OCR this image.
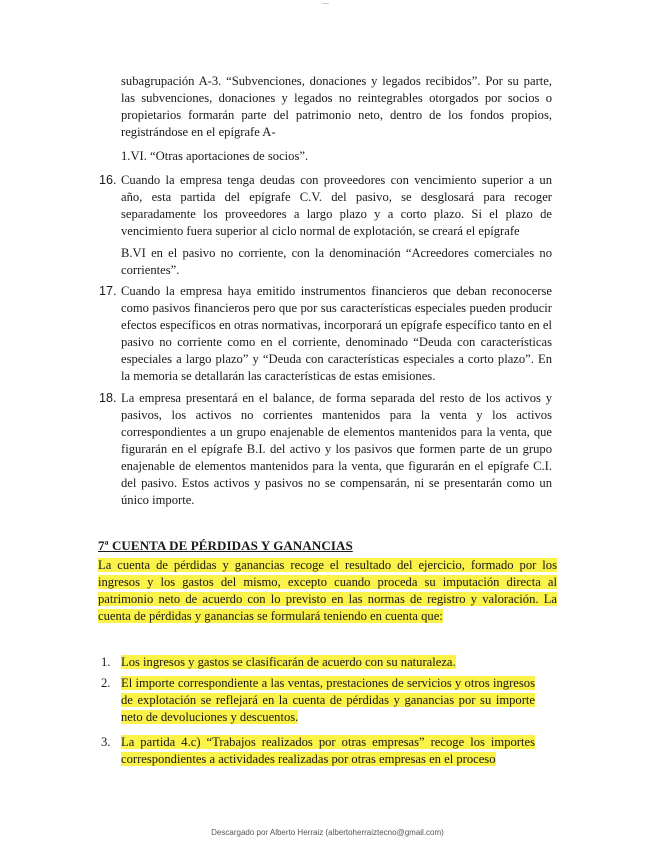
—
subagrupación A-3. “Subvenciones, donaciones y legados recibidos”. Por su parte, las subvenciones, donaciones y legados no reintegrables otorgados por socios o propietarios formarán parte del patrimonio neto, dentro de los fondos propios, registrándose en el epígrafe A-
1.VI. “Otras aportaciones de socios”.
16. Cuando la empresa tenga deudas con proveedores con vencimiento superior a un año, esta partida del epígrafe C.V. del pasivo, se desglosará para recoger separadamente los proveedores a largo plazo y a corto plazo. Si el plazo de vencimiento fuera superior al ciclo normal de explotación, se creará el epígrafe
B.VI en el pasivo no corriente, con la denominación “Acreedores comerciales no corrientes”.
17. Cuando la empresa haya emitido instrumentos financieros que deban reconocerse como pasivos financieros pero que por sus características especiales pueden producir efectos específicos en otras normativas, incorporará un epígrafe específico tanto en el pasivo no corriente como en el corriente, denominado “Deuda con características especiales a largo plazo” y “Deuda con características especiales a corto plazo”. En la memoria se detallarán las características de estas emisiones.
18. La empresa presentará en el balance, de forma separada del resto de los activos y pasivos, los activos no corrientes mantenidos para la venta y los activos correspondientes a un grupo enajenable de elementos mantenidos para la venta, que figurarán en el epígrafe B.I. del activo y los pasivos que formen parte de un grupo enajenable de elementos mantenidos para la venta, que figurarán en el epígrafe C.I. del pasivo. Estos activos y pasivos no se compensarán, ni se presentarán como un único importe.
7ª CUENTA DE PÉRDIDAS Y GANANCIAS
La cuenta de pérdidas y ganancias recoge el resultado del ejercicio, formado por los ingresos y los gastos del mismo, excepto cuando proceda su imputación directa al patrimonio neto de acuerdo con lo previsto en las normas de registro y valoración. La cuenta de pérdidas y ganancias se formulará teniendo en cuenta que:
1. Los ingresos y gastos se clasificarán de acuerdo con su naturaleza.
2. El importe correspondiente a las ventas, prestaciones de servicios y otros ingresos de explotación se reflejará en la cuenta de pérdidas y ganancias por su importe neto de devoluciones y descuentos.
3. La partida 4.c) “Trabajos realizados por otras empresas” recoge los importes correspondientes a actividades realizadas por otras empresas en el proceso
Descargado por Alberto Herraiz (albertoherraiztecno@gmail.com)
